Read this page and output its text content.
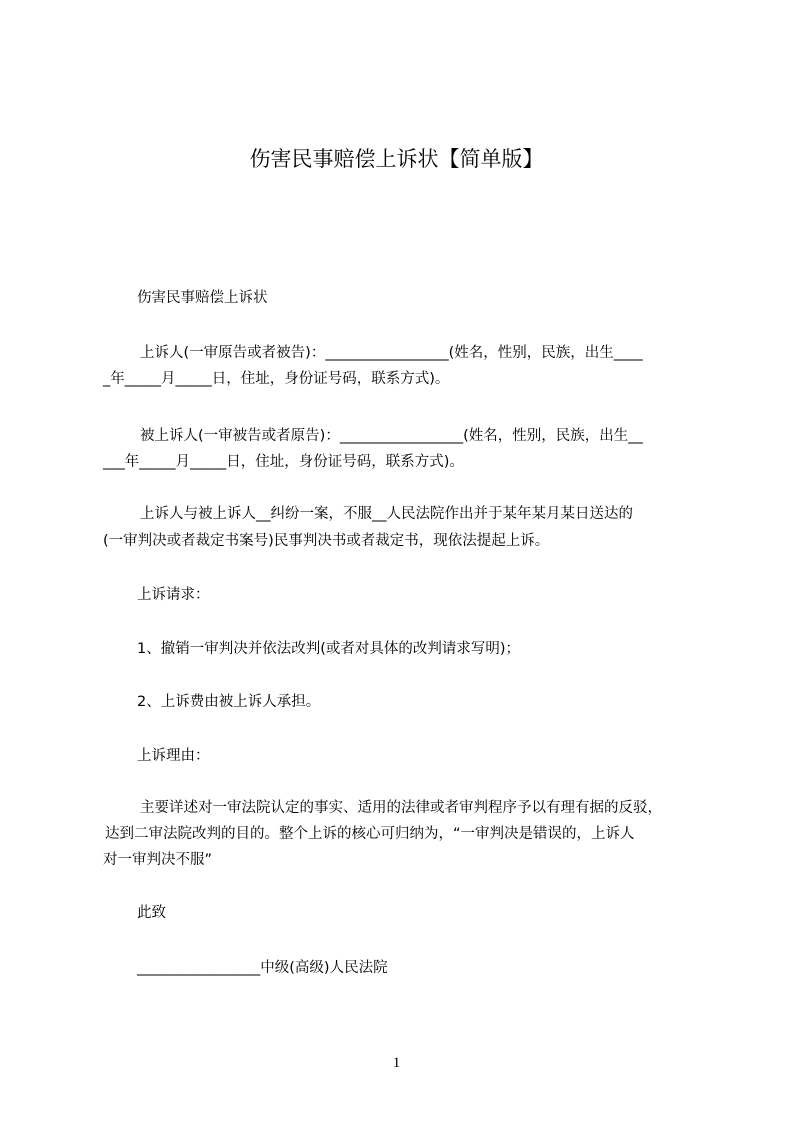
伤害民事赔偿上诉状【简单版】
伤害民事赔偿上诉状
上诉人(一审原告或者被告)：_________________(姓名，性别，民族，出生____
_年_____月_____日，住址，身份证号码，联系方式)。
被上诉人(一审被告或者原告)：_________________(姓名，性别，民族，出生__
___年_____月_____日，住址，身份证号码，联系方式)。
上诉人与被上诉人__纠纷一案，不服__人民法院作出并于某年某月某日送达的
(一审判决或者裁定书案号)民事判决书或者裁定书，现依法提起上诉。
上诉请求：
1、撤销一审判决并依法改判(或者对具体的改判请求写明)；
2、上诉费由被上诉人承担。
上诉理由：
主要详述对一审法院认定的事实、适用的法律或者审判程序予以有理有据的反驳，
达到二审法院改判的目的。整个上诉的核心可归纳为，“一审判决是错误的，上诉人
对一审判决不服”
此致
_________________中级(高级)人民法院
1
